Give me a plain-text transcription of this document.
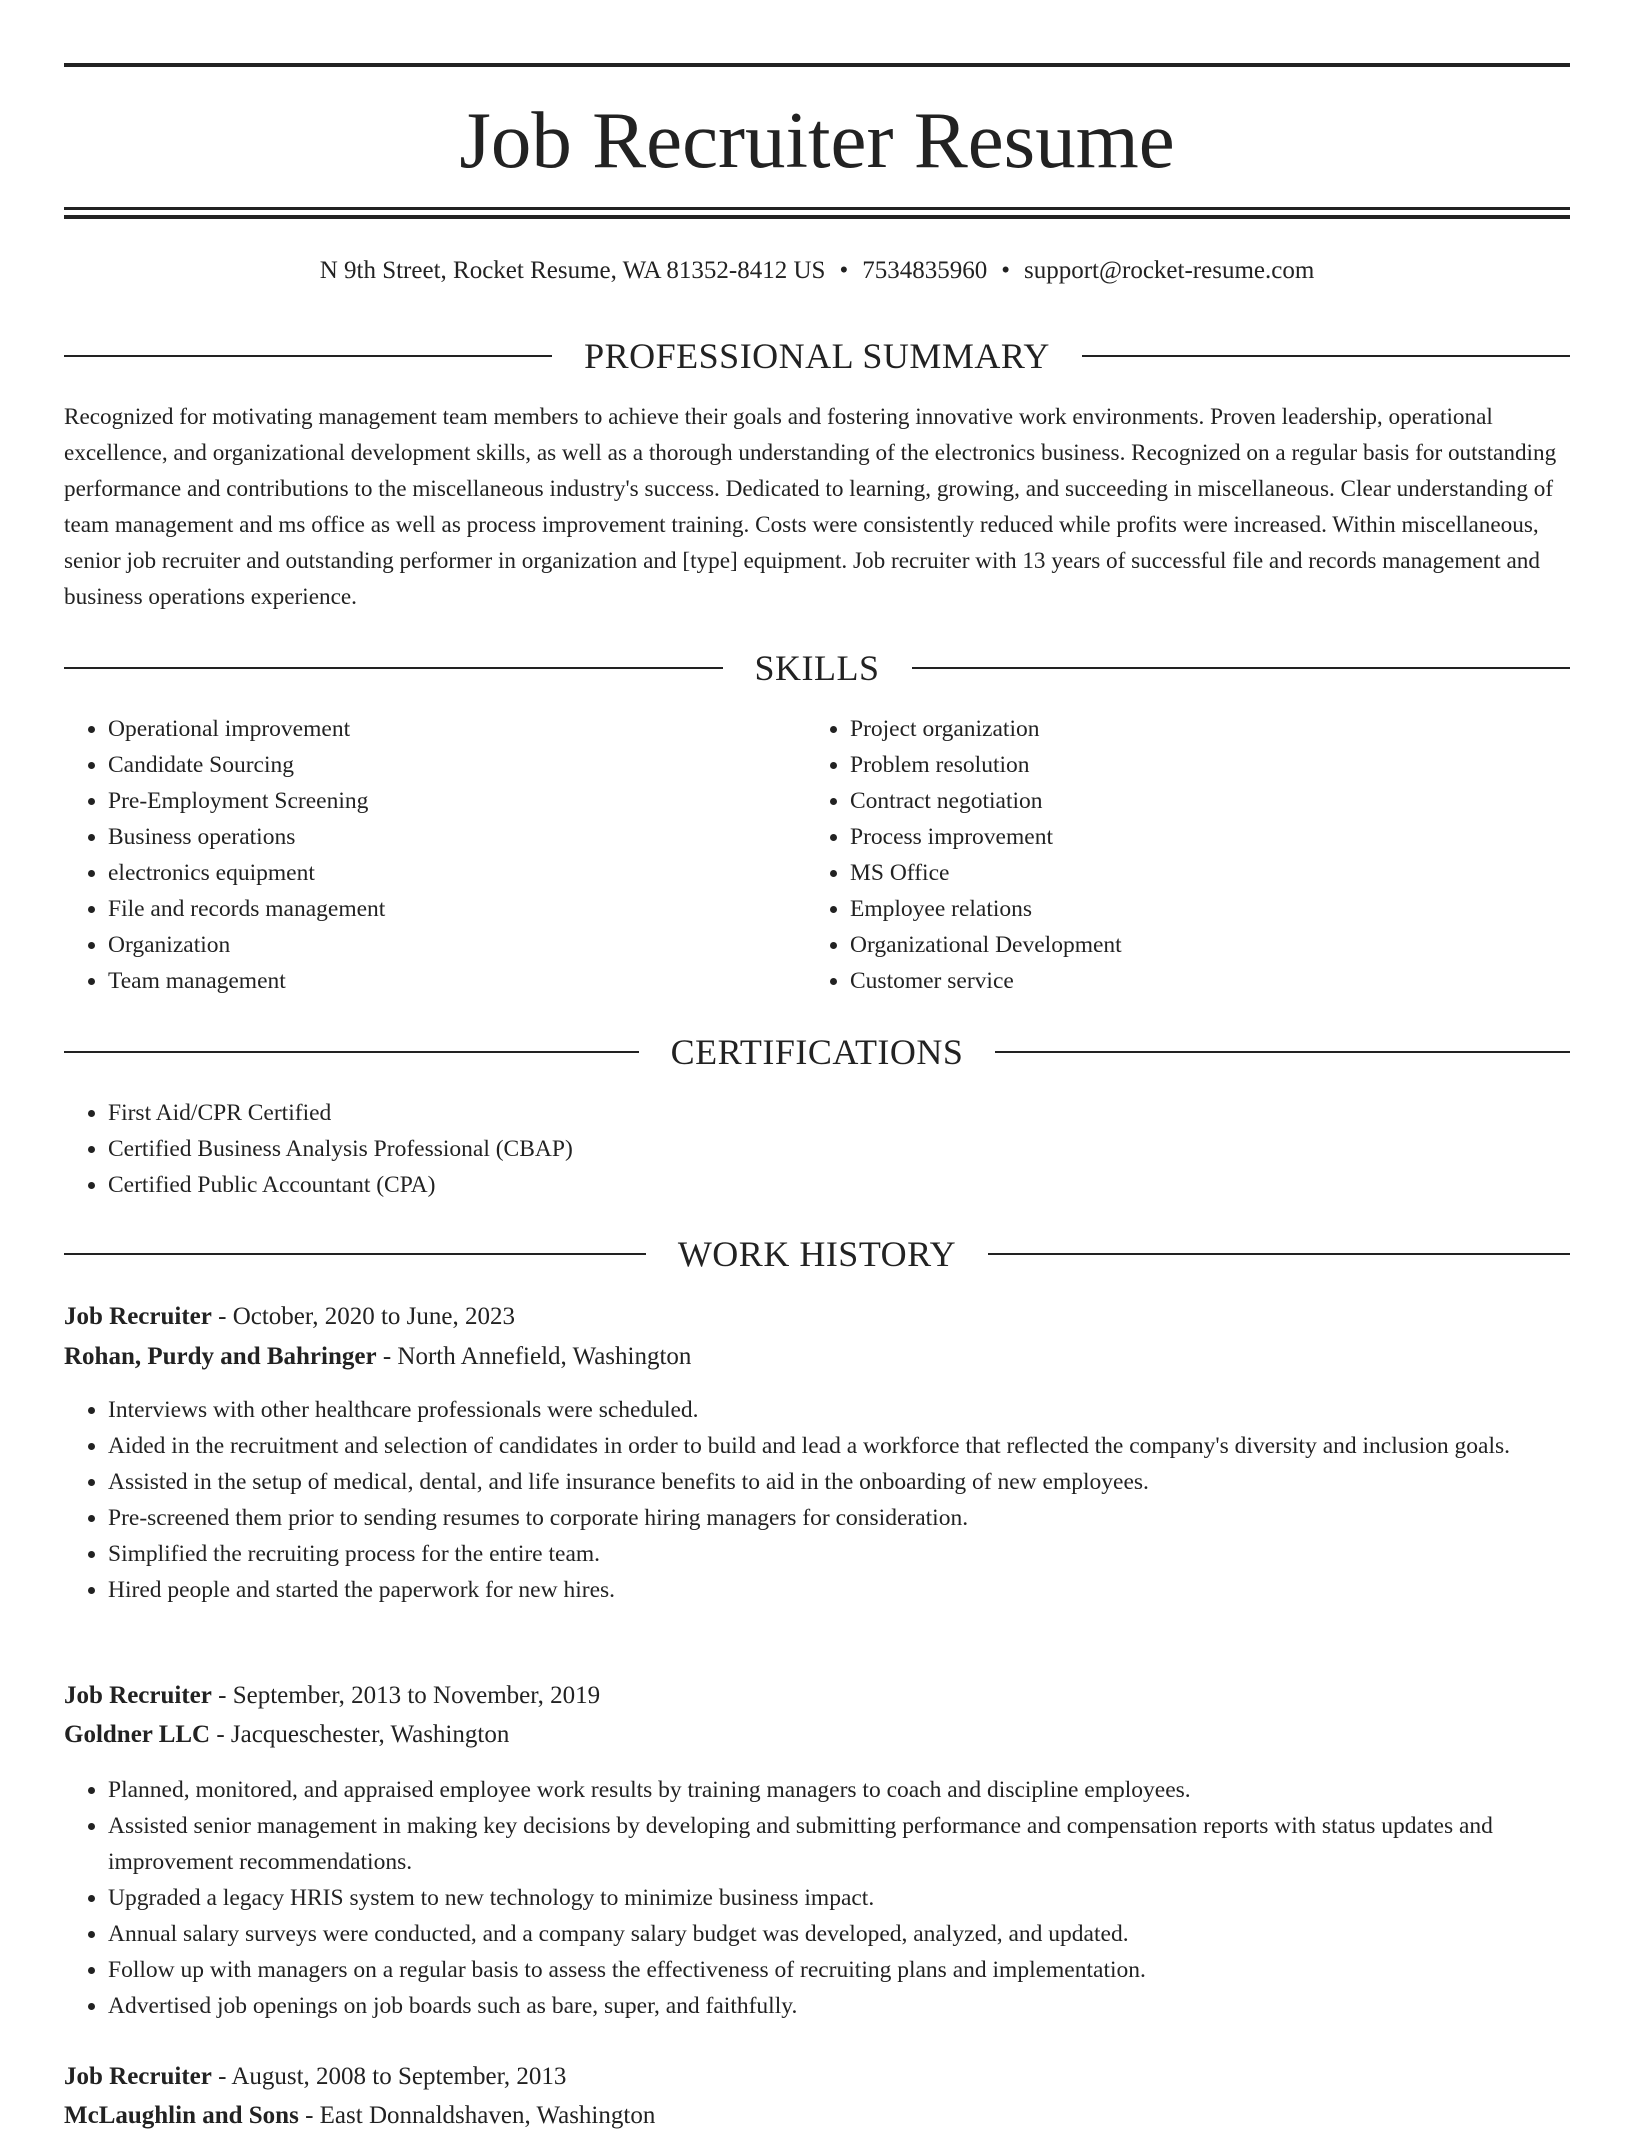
Job Recruiter Resume
N 9th Street, Rocket Resume, WA 81352-8412 US • 7534835960 • support@rocket-resume.com
PROFESSIONAL SUMMARY

Recognized for motivating management team members to achieve their goals and fostering innovative work environments. Proven leadership, operational excellence, and organizational development skills, as well as a thorough understanding of the electronics business. Recognized on a regular basis for outstanding performance and contributions to the miscellaneous industry's success. Dedicated to learning, growing, and succeeding in miscellaneous. Clear understanding of team management and ms office as well as process improvement training. Costs were consistently reduced while profits were increased. Within miscellaneous, senior job recruiter and outstanding performer in organization and [type] equipment. Job recruiter with 13 years of successful file and records management and business operations experience.

SKILLS
• Operational improvement
• Candidate Sourcing
• Pre-Employment Screening
• Business operations
• electronics equipment
• File and records management
• Organization
• Team management
• Project organization
• Problem resolution
• Contract negotiation
• Process improvement
• MS Office
• Employee relations
• Organizational Development
• Customer service
CERTIFICATIONS
• First Aid/CPR Certified
• Certified Business Analysis Professional (CBAP)
• Certified Public Accountant (CPA)
WORK HISTORY
Job Recruiter - October, 2020 to June, 2023
Rohan, Purdy and Bahringer - North Annefield, Washington
• Interviews with other healthcare professionals were scheduled.
• Aided in the recruitment and selection of candidates in order to build and lead a workforce that reflected the company's diversity and inclusion goals.
• Assisted in the setup of medical, dental, and life insurance benefits to aid in the onboarding of new employees.
• Pre-screened them prior to sending resumes to corporate hiring managers for consideration.
• Simplified the recruiting process for the entire team.
• Hired people and started the paperwork for new hires.
Job Recruiter - September, 2013 to November, 2019
Goldner LLC - Jacqueschester, Washington
• Planned, monitored, and appraised employee work results by training managers to coach and discipline employees.
• Assisted senior management in making key decisions by developing and submitting performance and compensation reports with status updates and improvement recommendations.
• Upgraded a legacy HRIS system to new technology to minimize business impact.
• Annual salary surveys were conducted, and a company salary budget was developed, analyzed, and updated.
• Follow up with managers on a regular basis to assess the effectiveness of recruiting plans and implementation.
• Advertised job openings on job boards such as bare, super, and faithfully.
Job Recruiter - August, 2008 to September, 2013
McLaughlin and Sons - East Donnaldshaven, Washington
